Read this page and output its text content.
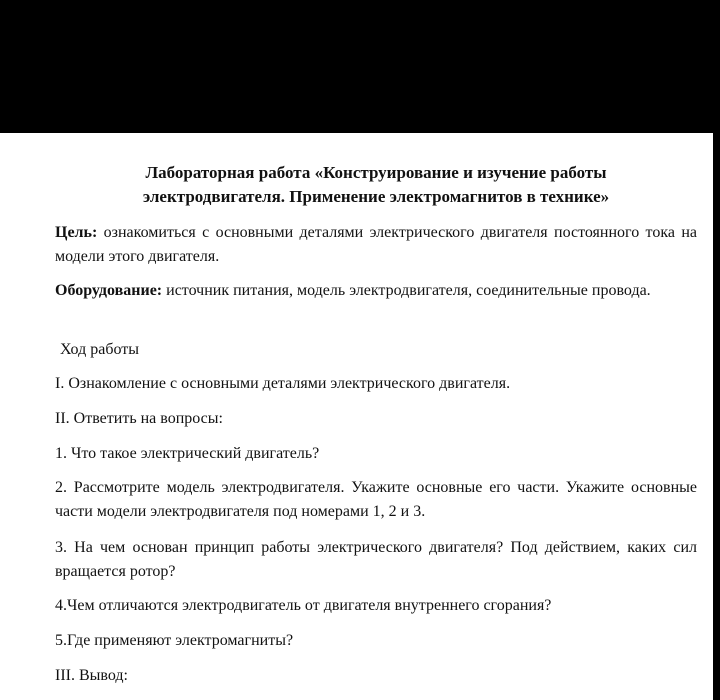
Лабораторная работа «Конструирование и изучение работы
электродвигателя. Применение электромагнитов в технике»
Цель: ознакомиться с основными деталями электрического двигателя постоянного тока на модели этого двигателя.
Оборудование: источник питания, модель электродвигателя, соединительные провода.
Ход работы
I. Ознакомление с основными деталями электрического двигателя.
II. Ответить на вопросы:
1. Что такое электрический двигатель?
2. Рассмотрите модель электродвигателя. Укажите основные его части. Укажите основные части модели электродвигателя под номерами 1, 2 и 3.
3. На чем основан принцип работы электрического двигателя? Под действием, каких сил вращается ротор?
4.Чем отличаются электродвигатель от двигателя внутреннего сгорания?
5.Где применяют электромагниты?
III. Вывод:
